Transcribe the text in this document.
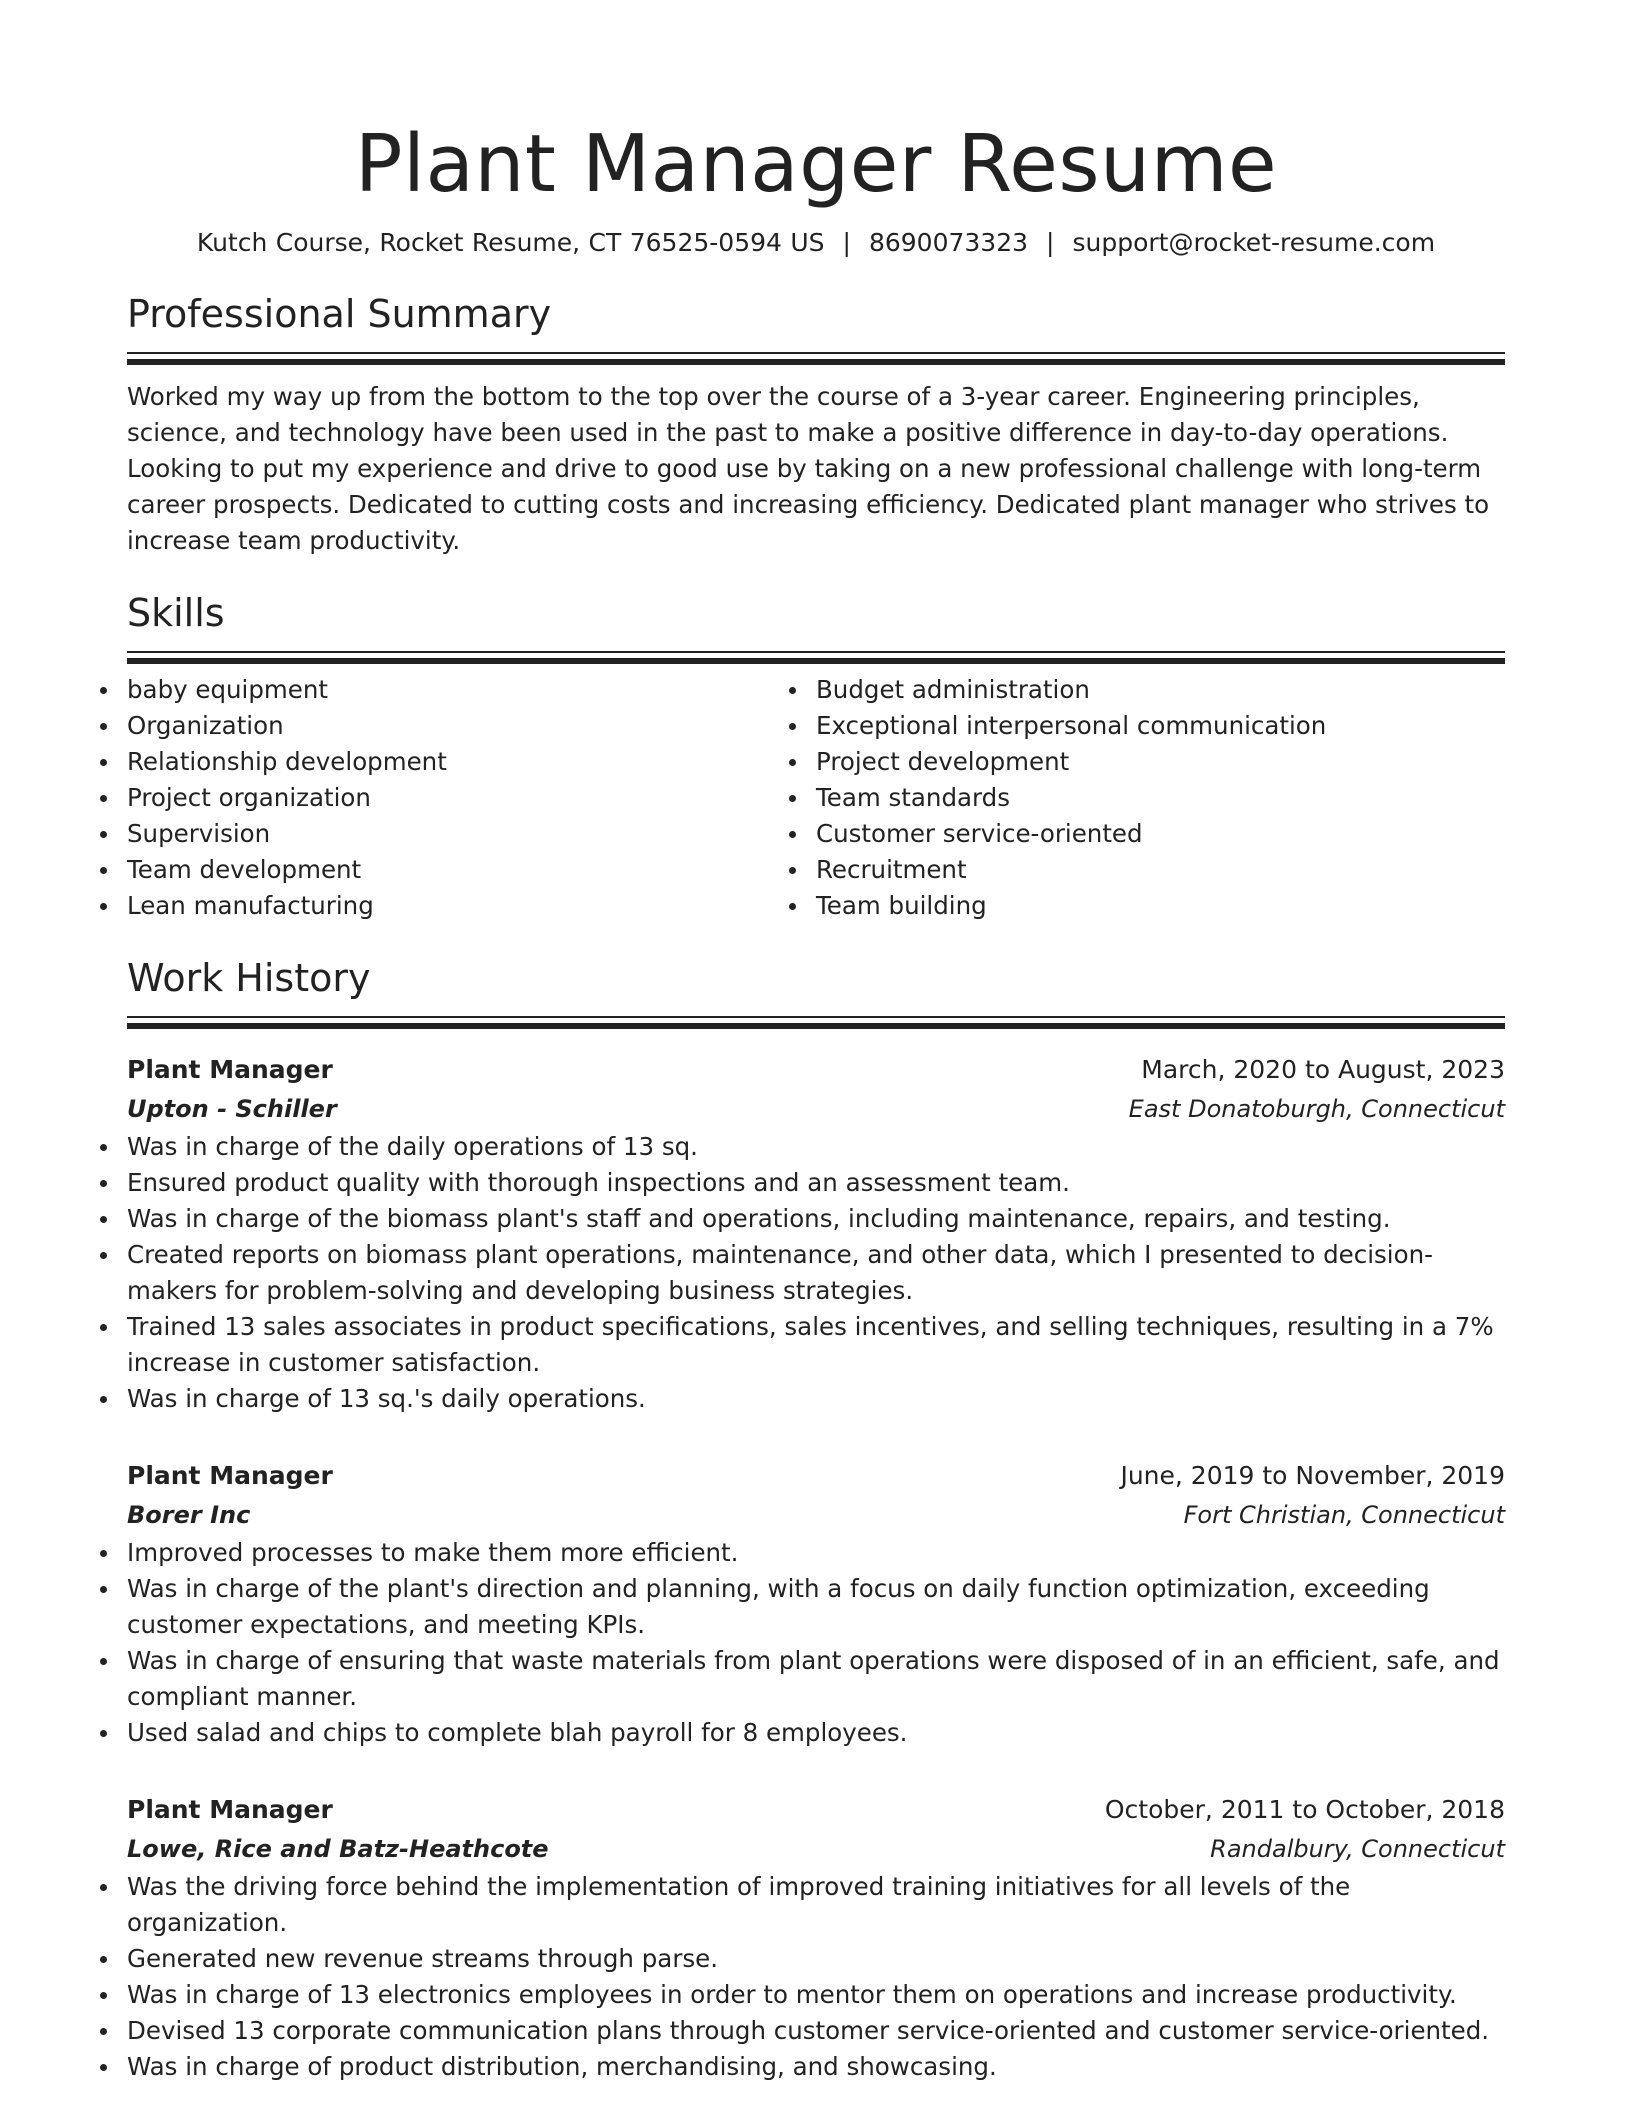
Plant Manager Resume
Kutch Course, Rocket Resume, CT 76525-0594 US | 8690073323 | support@rocket-resume.com
Professional Summary

Worked my way up from the bottom to the top over the course of a 3-year career. Engineering principles, science, and technology have been used in the past to make a positive difference in day-to-day operations. Looking to put my experience and drive to good use by taking on a new professional challenge with long-term career prospects. Dedicated to cutting costs and increasing efficiency. Dedicated plant manager who strives to increase team productivity.

Skills
baby equipment
Organization
Relationship development
Project organization
Supervision
Team development
Lean manufacturing
Budget administration
Exceptional interpersonal communication
Project development
Team standards
Customer service-oriented
Recruitment
Team building
Work History
Plant Manager	March, 2020 to August, 2023
Upton - Schiller	East Donatoburgh, Connecticut
Was in charge of the daily operations of 13 sq.
Ensured product quality with thorough inspections and an assessment team.
Was in charge of the biomass plant's staff and operations, including maintenance, repairs, and testing.
Created reports on biomass plant operations, maintenance, and other data, which I presented to decision-makers for problem-solving and developing business strategies.
Trained 13 sales associates in product specifications, sales incentives, and selling techniques, resulting in a 7% increase in customer satisfaction.
Was in charge of 13 sq.'s daily operations.
Plant Manager	June, 2019 to November, 2019
Borer Inc	Fort Christian, Connecticut
Improved processes to make them more efficient.
Was in charge of the plant's direction and planning, with a focus on daily function optimization, exceeding customer expectations, and meeting KPIs.
Was in charge of ensuring that waste materials from plant operations were disposed of in an efficient, safe, and compliant manner.
Used salad and chips to complete blah payroll for 8 employees.
Plant Manager	October, 2011 to October, 2018
Lowe, Rice and Batz-Heathcote	Randalbury, Connecticut
Was the driving force behind the implementation of improved training initiatives for all levels of the organization.
Generated new revenue streams through parse.
Was in charge of 13 electronics employees in order to mentor them on operations and increase productivity.
Devised 13 corporate communication plans through customer service-oriented and customer service-oriented.
Was in charge of product distribution, merchandising, and showcasing.
